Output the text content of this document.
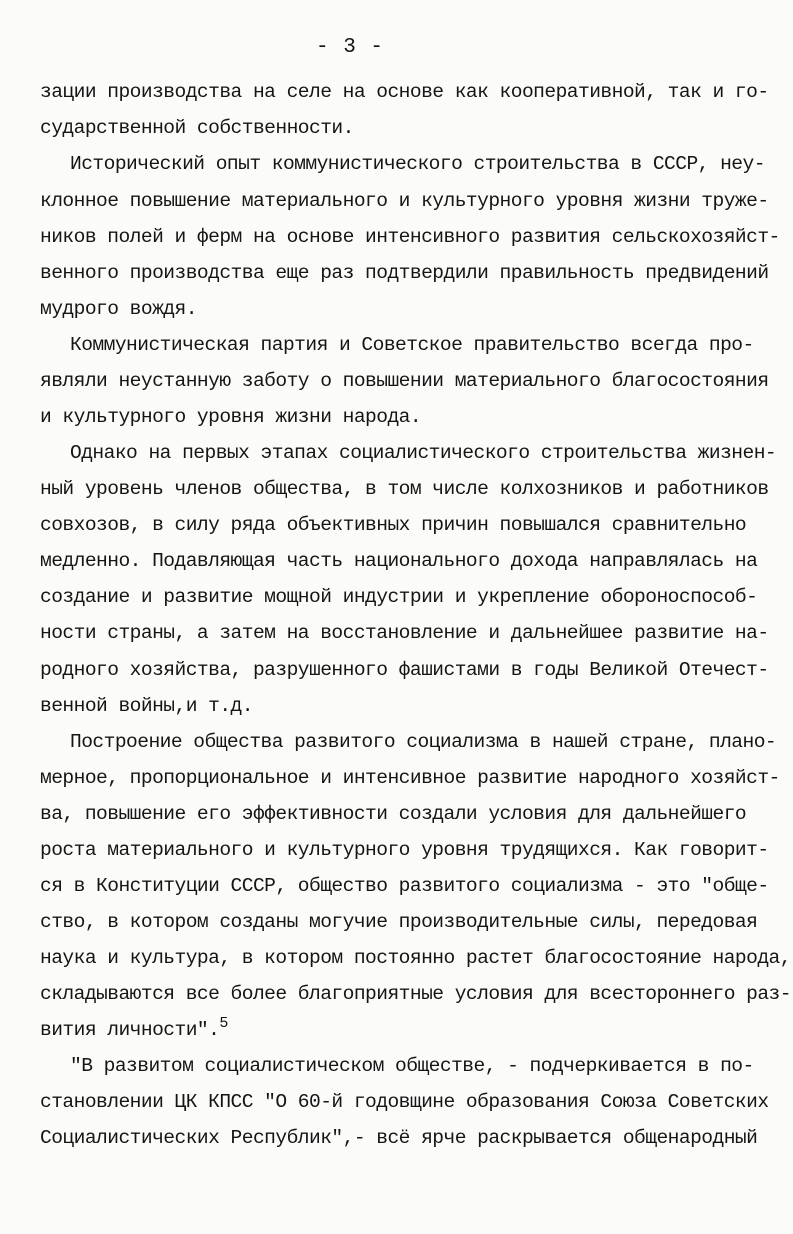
- 3 -
зации производства на селе на основе как кооперативной, так и го-
сударственной собственности.
Исторический опыт коммунистического строительства в СССР, неу-
клонное повышение материального и культурного уровня жизни тружe-
ников полей и ферм на основе интенсивного развития сельскохозяйст-
венного производства еще раз подтвердили правильность предвидений
мудрого вождя.
Коммунистическая партия и Советское правительство всегда про-
являли неустанную заботу о повышении материального благосостояния
и культурного уровня жизни народа.
Однако на первых этапах социалистического строительства жизнен-
ный уровень членов общества, в том числе колхозников и работников
совхозов, в силу ряда объективных причин повышался сравнительно
медленно. Подавляющая часть национального дохода направлялась на
создание и развитие мощной индустрии и укрепление обороноспособ-
ности страны, а затем на восстановление и дальнейшее развитие на-
родного хозяйства, разрушенного фашистами в годы Великой Отечест-
венной войны,и т.д.
Построение общества развитого социализма в нашей стране, плано-
мерное, пропорциональное и интенсивное развитие народного хозяйст-
ва, повышение его эффективности создали условия для дальнейшего
роста материального и культурного уровня трудящихся. Как говорит-
ся в Конституции СССР, общество развитого социализма - это "обще-
ство, в котором созданы могучие производительные силы, передовая
наука и культура, в котором постоянно растет благосостояние народа,
складываются все более благоприятные условия для всестороннего раз-
вития личности".$^5$
"В развитом социалистическом обществе, - подчеркивается в по-
становлении ЦК КПСС "О 60-й годовщине образования Союза Советских
Социалистических Республик",- всё ярче раскрывается общенародный
